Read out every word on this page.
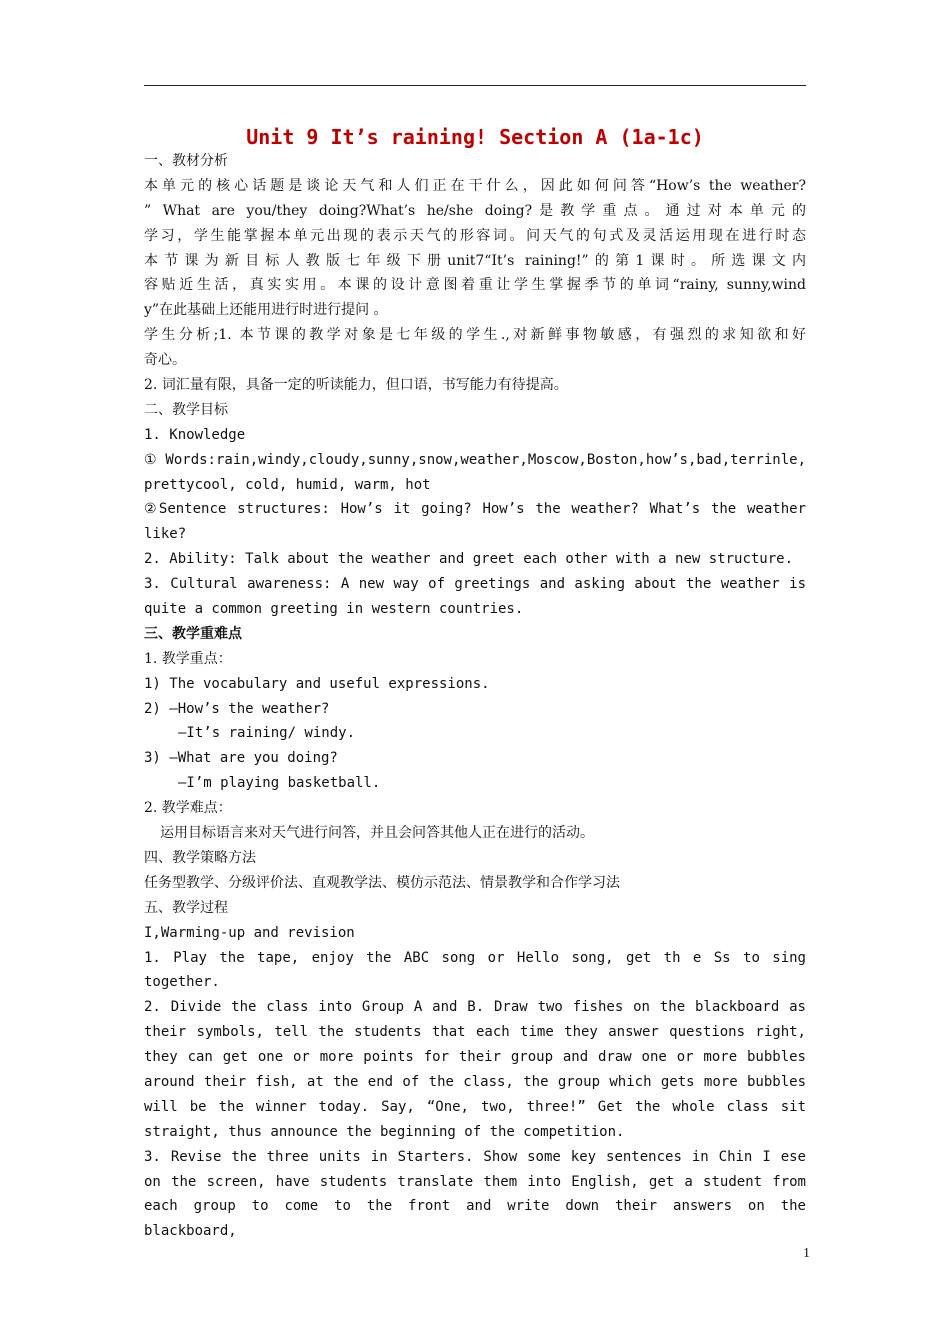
Unit 9 It’s raining! Section A (1a-1c)
一、教材分析
本单元的核心话题是谈论天气和人们正在干什么，因此如何问答“How’s the weather?
” What are you/they doing?What’s he/she doing?是教学重点。通过对本单元的
学习，学生能掌握本单元出现的表示天气的形容词。问天气的句式及灵活运用现在进行时态
本节课为新目标人教版七年级下册unit7“It’s raining!”的第1课时。所选课文内
容贴近生活，真实实用。本课的设计意图着重让学生掌握季节的单词“rainy, sunny,wind
y”在此基础上还能用进行时进行提问 。
学生分析;1. 本节课的教学对象是七年级的学生.,对新鲜事物敏感，有强烈的求知欲和好
奇心。
2. 词汇量有限，具备一定的听读能力，但口语，书写能力有待提高。
二、教学目标
1. Knowledge
①Words:rain,windy,cloudy,sunny,snow,weather,Moscow,Boston,how’s,bad,terrinle,
prettycool, cold, humid, warm, hot
②Sentence structures: How’s it going? How’s the weather? What’s the weather
like?
2. Ability: Talk about the weather and greet each other with a new structure.
3. Cultural awareness: A new way of greetings and asking about the weather is
quite a common greeting in western countries.
三、教学重难点
1. 教学重点：
1) The vocabulary and useful expressions.
2) —How’s the weather?
—It’s raining/ windy.
3) —What are you doing?
—I’m playing basketball.
2. 教学难点：
运用目标语言来对天气进行问答，并且会问答其他人正在进行的活动。
四、教学策略方法
任务型教学、分级评价法、直观教学法、模仿示范法、情景教学和合作学习法
五、教学过程
I,Warming-up and revision
1. Play the tape, enjoy the ABC song or Hello song, get th e Ss to sing
together.
2. Divide the class into Group A and B. Draw two fishes on the blackboard as
their symbols, tell the students that each time they answer questions right,
they can get one or more points for their group and draw one or more bubbles
around their fish, at the end of the class, the group which gets more bubbles
will be the winner today. Say, “One, two, three!” Get the whole class sit
straight, thus announce the beginning of the competition.
3. Revise the three units in Starters. Show some key sentences in Chin I ese
on the screen, have students translate them into English, get a student from
each group to come to the front and write down their answers on the blackboard,
1
